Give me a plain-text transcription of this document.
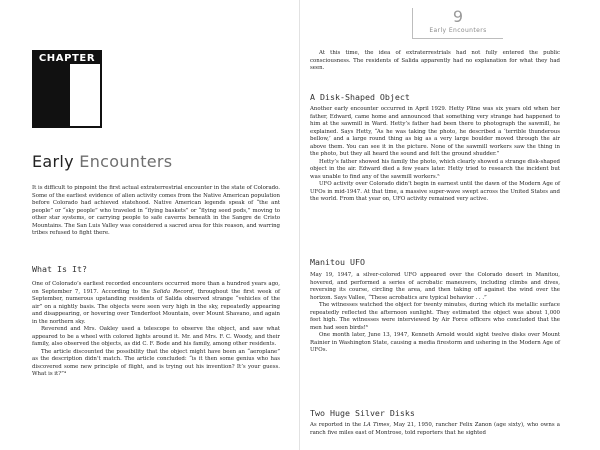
9
Early Encounters
CHAPTER
Early Encounters

It is difficult to pinpoint the first actual extraterrestrial encounter in the state of Colorado. Some of the earliest evidence of alien activity comes from the Native American population before Colorado had achieved statehood. Native American legends speak of “the ant people” or “sky people” who traveled in “flying baskets” or “flying seed pods,” moving to other star systems, or carrying people to safe caverns beneath in the Sangre de Cristo Mountains. The San Luis Valley was considered a sacred area for this reason, and warring tribes refused to fight there.

What Is It?

One of Colorado’s earliest recorded encounters occurred more than a hundred years ago, on September 7, 1917. According to the Salida Record, throughout the first week of September, numerous upstanding residents of Salida observed strange “vehicles of the air” on a nightly basis. The objects were seen very high in the sky, repeatedly appearing and disappearing, or hovering over Tenderfoot Mountain, over Mount Shavano, and again in the northern sky.

Reverend and Mrs. Oakley used a telescope to observe the object, and saw what appeared to be a wheel with colored lights around it. Mr. and Mrs. F. C. Woody, and their family, also observed the objects, as did C. F. Bode and his family, among other residents.

The article discounted the possibility that the object might have been an “aeroplane” as the description didn’t match. The article concluded: “is it then some genius who has discovered some new principle of flight, and is trying out his invention? It’s your guess. What is it?”⁴

At this time, the idea of extraterrestrials had not fully entered the public consciousness. The residents of Salida apparently had no explanation for what they had seen.

A Disk-Shaped Object

Another early encounter occurred in April 1929. Hetty Pline was six years old when her father, Edward, came home and announced that something very strange had happened to him at the sawmill in Ward. Hetty’s father had been there to photograph the sawmill, he explained. Says Hetty, “As he was taking the photo, he described a ‘terrible thunderous bellow,’ and a large round thing as big as a very large boulder moved through the air above them. You can see it in the picture. None of the sawmill workers saw the thing in the photo, but they all heard the sound and felt the ground shudder.”

Hetty’s father showed his family the photo, which clearly showed a strange disk-shaped object in the air. Edward died a few years later. Hetty tried to research the incident but was unable to find any of the sawmill workers.⁵

UFO activity over Colorado didn’t begin in earnest until the dawn of the Modern Age of UFOs in mid-1947. At that time, a massive super-wave swept across the United States and the world. From that year on, UFO activity remained very active.

Manitou UFO

May 19, 1947, a silver-colored UFO appeared over the Colorado desert in Manitou, hovered, and performed a series of acrobatic maneuvers, including climbs and dives, reversing its course, circling the area, and then taking off against the wind over the horizon. Says Vallee, “These acrobatics are typical behavior . . .”

The witnesses watched the object for twenty minutes, during which its metallic surface repeatedly reflected the afternoon sunlight. They estimated the object was about 1,000 feet high. The witnesses were interviewed by Air Force officers who concluded that the men had seen birds!⁶

One month later, June 13, 1947, Kenneth Arnold would sight twelve disks over Mount Rainier in Washington State, causing a media firestorm and ushering in the Modern Age of UFOs.

Two Huge Silver Disks

As reported in the LA Times, May 21, 1950, rancher Felix Zanon (age sixty), who owns a ranch five miles east of Montrose, told reporters that he sighted
